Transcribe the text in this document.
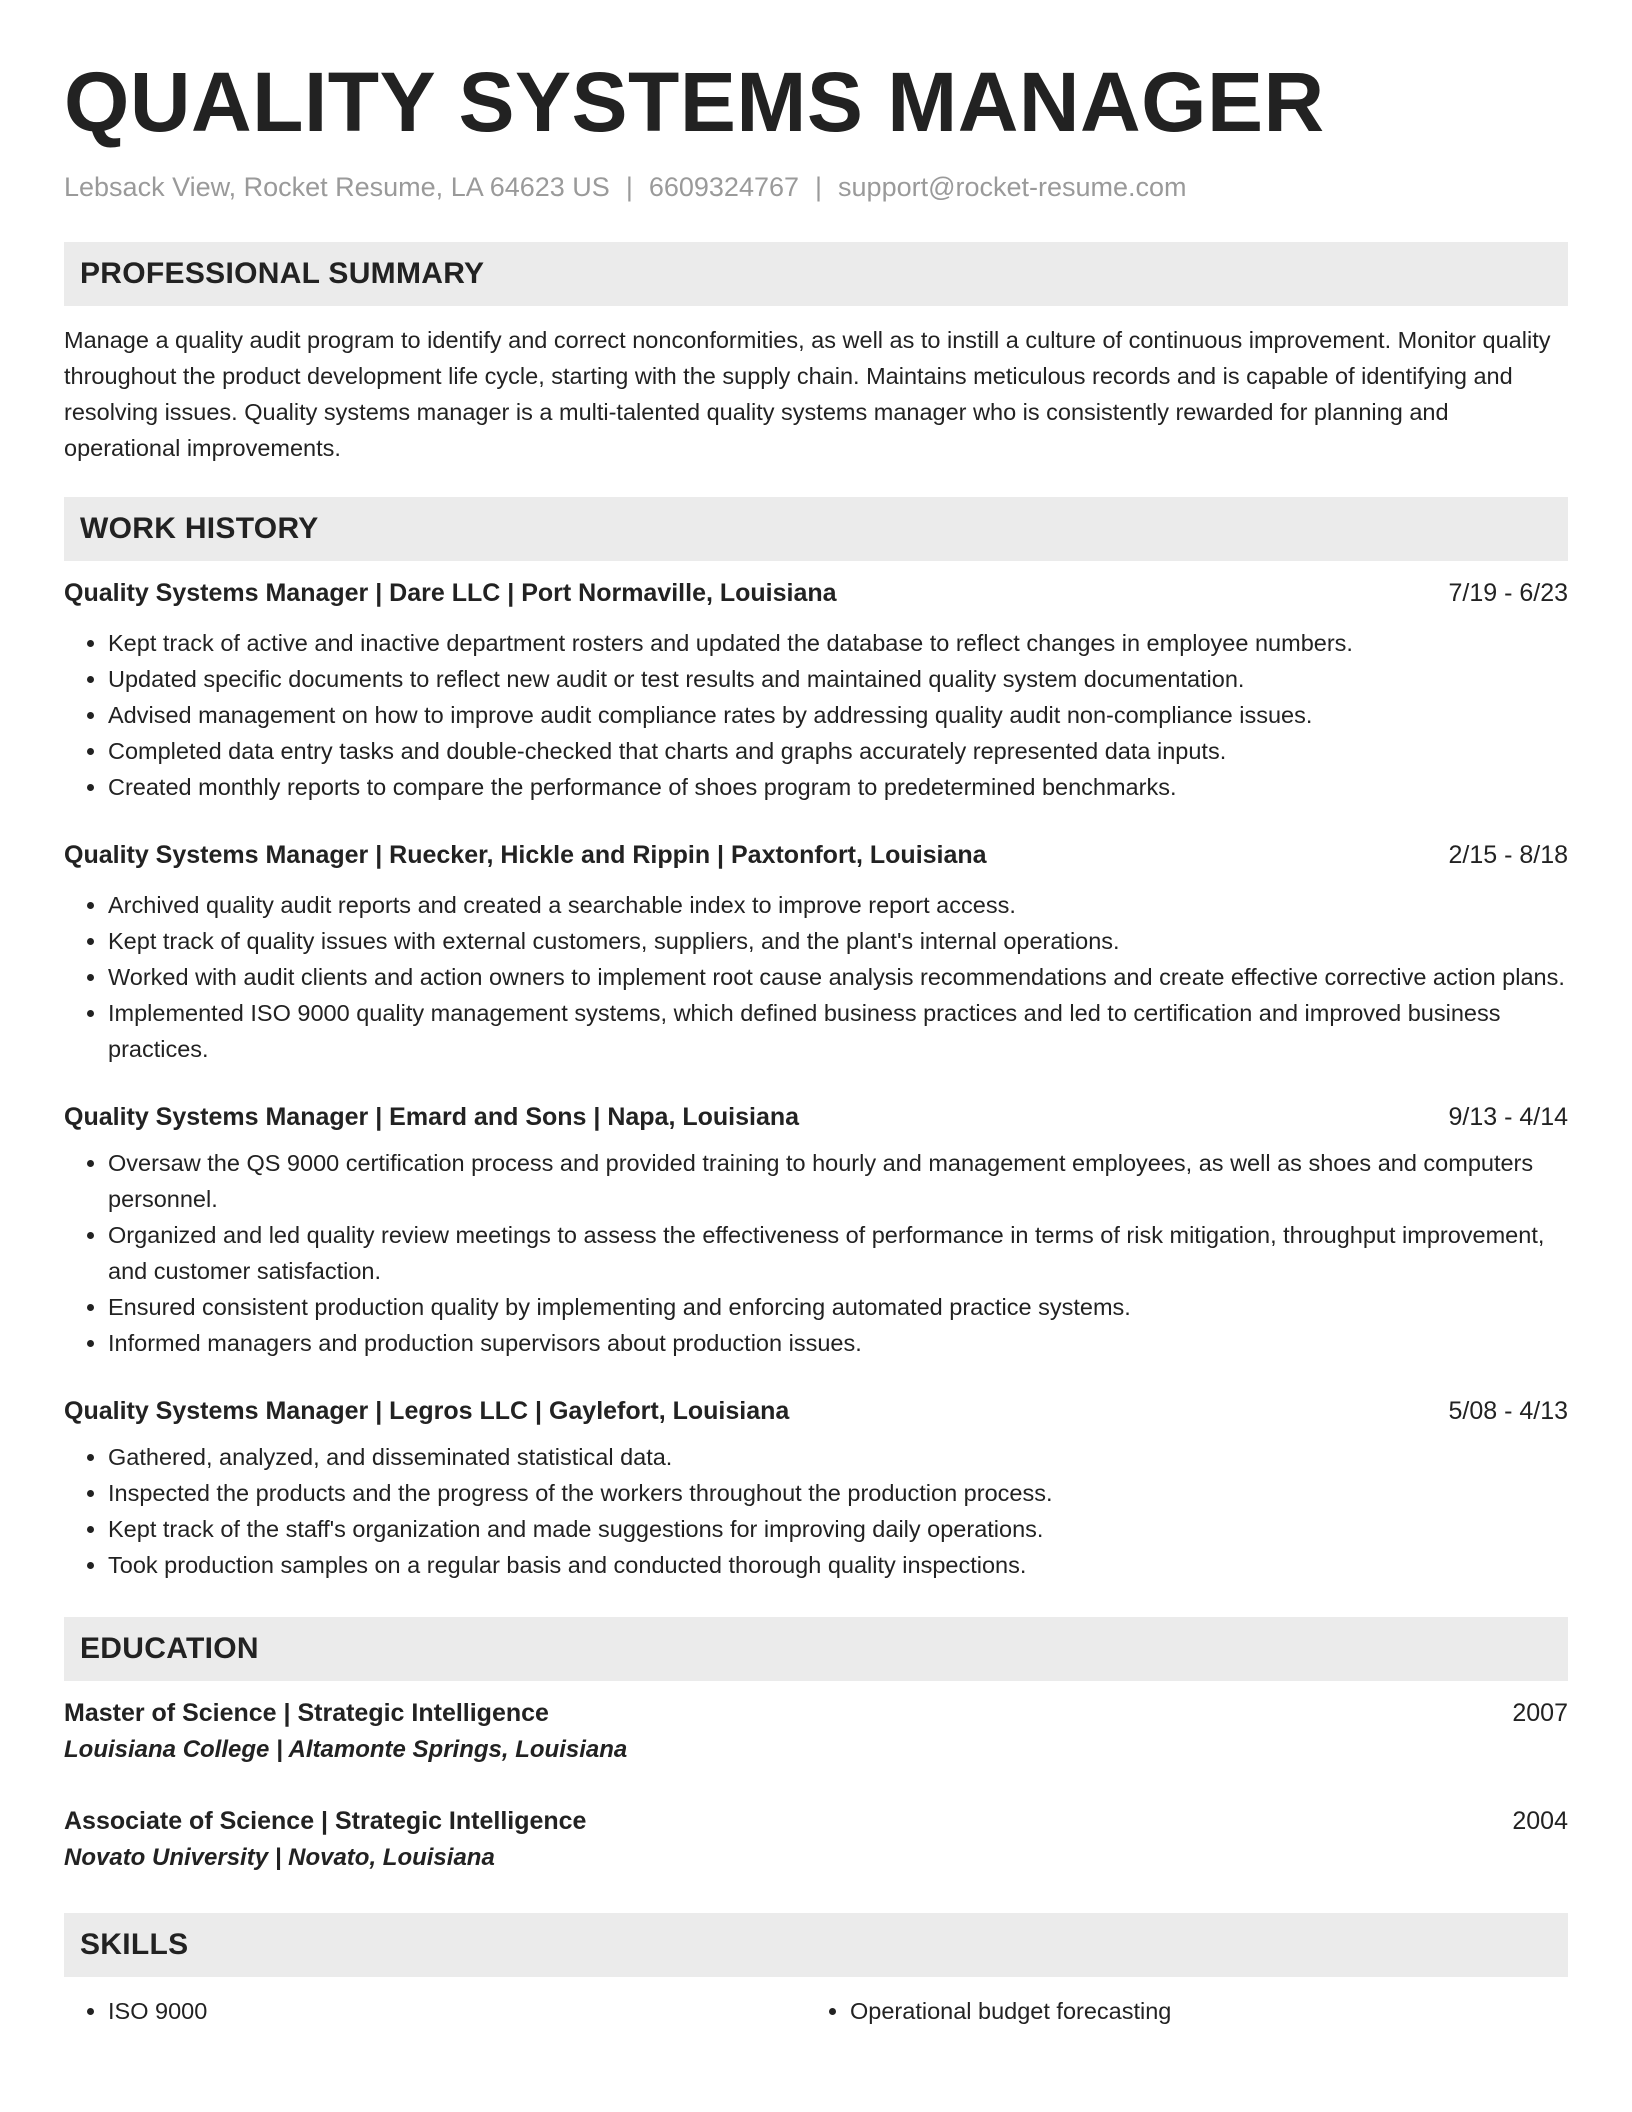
QUALITY SYSTEMS MANAGER
Lebsack View, Rocket Resume, LA 64623 US | 6609324767 | support@rocket-resume.com
PROFESSIONAL SUMMARY

Manage a quality audit program to identify and correct nonconformities, as well as to instill a culture of continuous improvement. Monitor quality throughout the product development life cycle, starting with the supply chain. Maintains meticulous records and is capable of identifying and resolving issues. Quality systems manager is a multi-talented quality systems manager who is consistently rewarded for planning and operational improvements.

WORK HISTORY
Quality Systems Manager | Dare LLC | Port Normaville, Louisiana	7/19 - 6/23
• Kept track of active and inactive department rosters and updated the database to reflect changes in employee numbers.
• Updated specific documents to reflect new audit or test results and maintained quality system documentation.
• Advised management on how to improve audit compliance rates by addressing quality audit non-compliance issues.
• Completed data entry tasks and double-checked that charts and graphs accurately represented data inputs.
• Created monthly reports to compare the performance of shoes program to predetermined benchmarks.
Quality Systems Manager | Ruecker, Hickle and Rippin | Paxtonfort, Louisiana	2/15 - 8/18
• Archived quality audit reports and created a searchable index to improve report access.
• Kept track of quality issues with external customers, suppliers, and the plant's internal operations.
• Worked with audit clients and action owners to implement root cause analysis recommendations and create effective corrective action plans.
• Implemented ISO 9000 quality management systems, which defined business practices and led to certification and improved business practices.
Quality Systems Manager | Emard and Sons | Napa, Louisiana	9/13 - 4/14
• Oversaw the QS 9000 certification process and provided training to hourly and management employees, as well as shoes and computers personnel.
• Organized and led quality review meetings to assess the effectiveness of performance in terms of risk mitigation, throughput improvement, and customer satisfaction.
• Ensured consistent production quality by implementing and enforcing automated practice systems.
• Informed managers and production supervisors about production issues.
Quality Systems Manager | Legros LLC | Gaylefort, Louisiana	5/08 - 4/13
• Gathered, analyzed, and disseminated statistical data.
• Inspected the products and the progress of the workers throughout the production process.
• Kept track of the staff's organization and made suggestions for improving daily operations.
• Took production samples on a regular basis and conducted thorough quality inspections.
EDUCATION
Master of Science | Strategic Intelligence	2007
Louisiana College | Altamonte Springs, Louisiana
Associate of Science | Strategic Intelligence	2004
Novato University | Novato, Louisiana
SKILLS
• ISO 9000
•	Operational budget forecasting
